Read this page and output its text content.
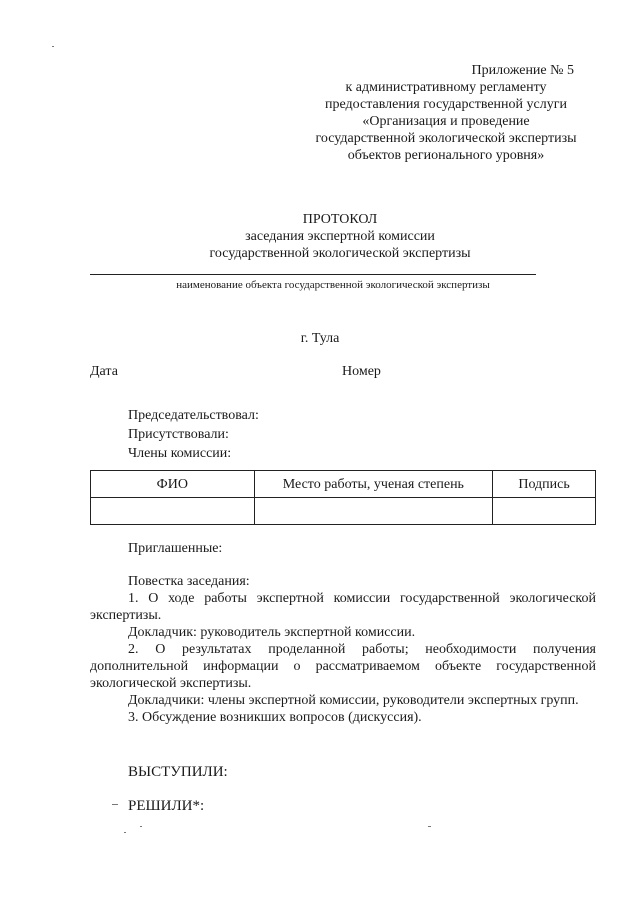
Приложение № 5
к административному регламенту
предоставления государственной услуги
«Организация и проведение
государственной экологической экспертизы
объектов регионального уровня»
ПРОТОКОЛ
заседания экспертной комиссии
государственной экологической экспертизы
наименование объекта государственной экологической экспертизы
г. Тула
Дата	Номер
Председательствовал:
Присутствовали:
Члены комиссии:
ФИО	Место работы, ученая степень	Подпись

Приглашенные:

Повестка заседания:

1. О ходе работы экспертной комиссии государственной экологической экспертизы.

Докладчик: руководитель экспертной комиссии.

2. О результатах проделанной работы; необходимости получения дополнительной информации о рассматриваемом объекте государственной экологической экспертизы.

Докладчики: члены экспертной комиссии, руководители экспертных групп.

3. Обсуждение возникших вопросов (дискуссия).

ВЫСТУПИЛИ:
РЕШИЛИ*:
